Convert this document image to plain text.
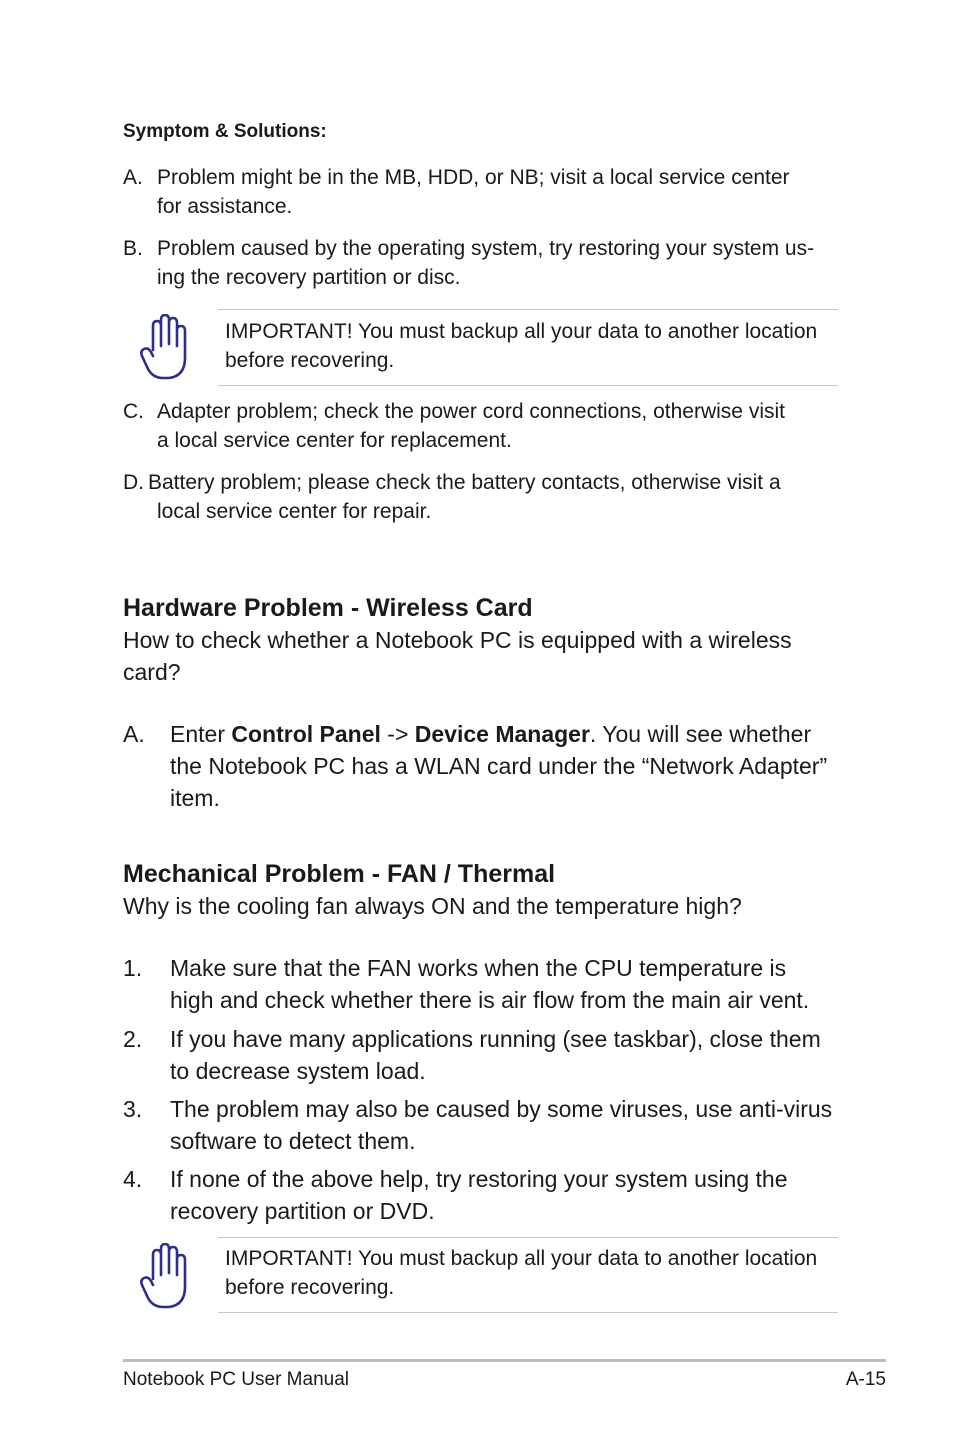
Symptom & Solutions:
A. Problem might be in the MB, HDD, or NB; visit a local service center
for assistance.
B. Problem caused by the operating system, try restoring your system us-
ing the recovery partition or disc.
IMPORTANT! You must backup all your data to another location
before recovering.
C. Adapter problem; check the power cord connections, otherwise visit
a local service center for replacement.
D. Battery problem; please check the battery contacts, otherwise visit a
local service center for repair.
Hardware Problem - Wireless Card
How to check whether a Notebook PC is equipped with a wireless
card?
A. Enter Control Panel -> Device Manager. You will see whether
the Notebook PC has a WLAN card under the “Network Adapter”
item.
Mechanical Problem - FAN / Thermal
Why is the cooling fan always ON and the temperature high?
1. Make sure that the FAN works when the CPU temperature is
high and check whether there is air flow from the main air vent.
2. If you have many applications running (see taskbar), close them
to decrease system load.
3. The problem may also be caused by some viruses, use anti-virus
software to detect them.
4. If none of the above help, try restoring your system using the
recovery partition or DVD.
IMPORTANT! You must backup all your data to another location
before recovering.
Notebook PC User Manual	A-15
